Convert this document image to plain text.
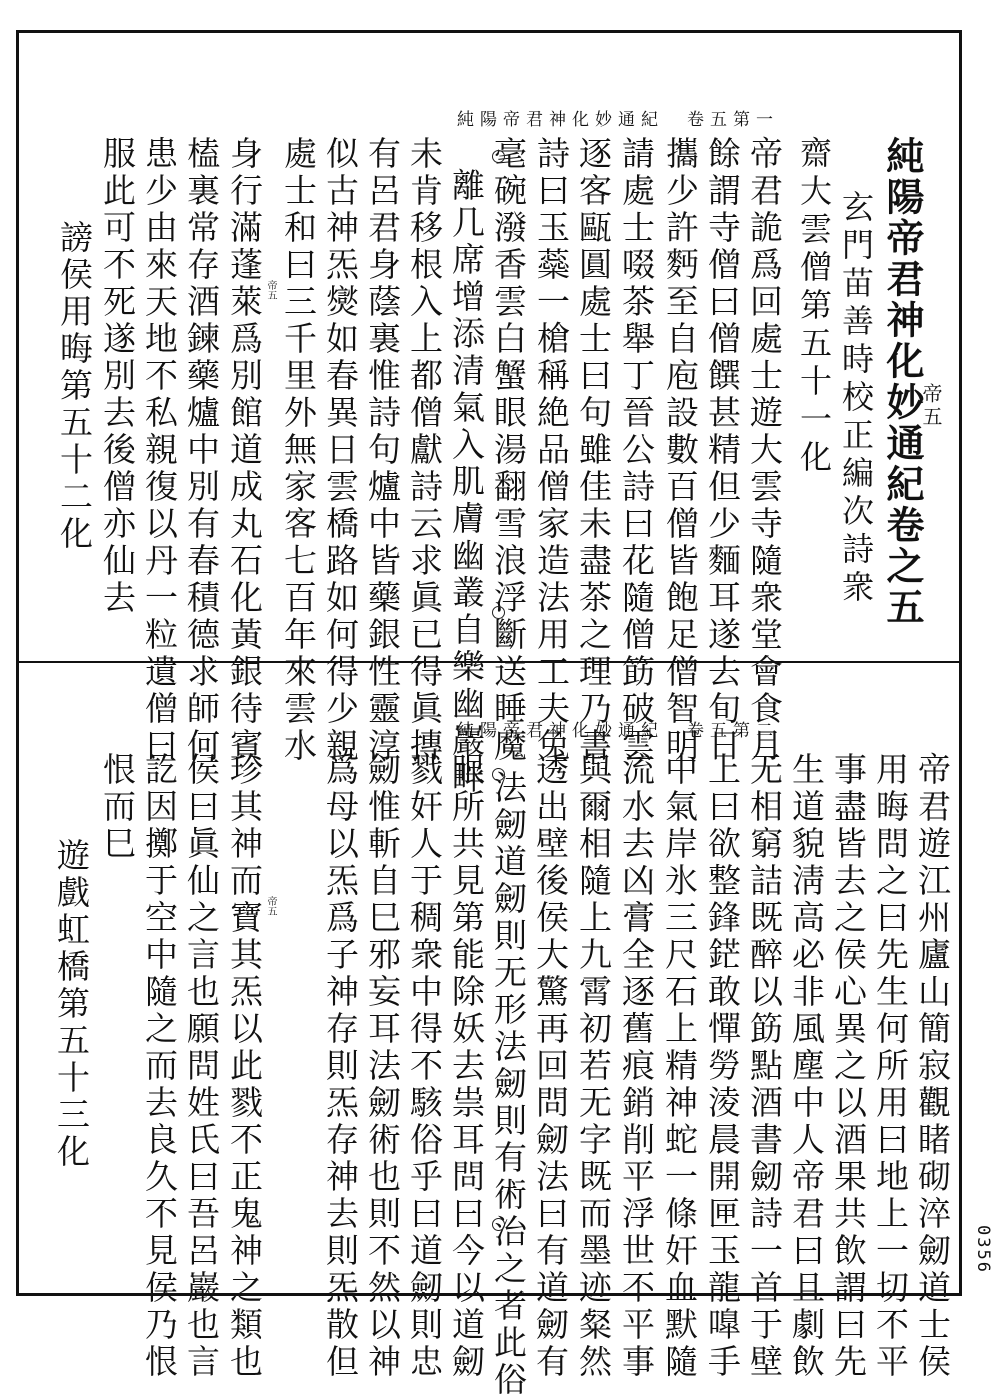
純陽帝君神化妙通紀　卷五第一
帝五
純陽帝君神化妙通紀卷之五
玄門苗善時校正編次詩衆
齋大雲僧第五十一化
帝君詭爲回處士遊大雲寺隨衆堂會食月
餘謂寺僧曰僧饌甚精但少麵耳遂去旬日
攜少許麪至自庖設數百僧皆飽足僧智明
請處士啜茶舉丁晉公詩曰花隨僧筯破雲
逐客甌圓處士曰句雖佳未盡茶之理乃書
詩曰玉蘂一槍稱絶品僧家造法用工夫兔
毫碗潑香雲白蟹眼湯翻雪浪浮斷送睡魔
離几席增添清氣入肌膚幽叢自樂幽巖畔
未肯移根入上都僧獻詩云求眞已得眞摶
有呂君身蔭裏惟詩句爐中皆藥銀性靈淳
似古神炁爕如春異日雲橋路如何得少親
處士和曰三千里外無家客七百年來雲水
身行滿蓬萊爲別館道成丸石化黃銀待賓
榼裏常存酒鍊藥爐中別有春積德求師何
患少由來天地不私親復以丹一粒遺僧曰
服此可不死遂別去後僧亦仙去
謗侯用晦第五十二化	帝五
純陽帝君神化妙通紀　卷五第二
帝君遊江州廬山簡寂觀睹砌淬劒道士侯
用晦問之曰先生何所用曰地上一切不平
事盡皆去之侯心異之以酒果共飲謂曰先
生道貌淸高必非風塵中人帝君曰且劇飲
无相窮詰既醉以筯點酒書劒詩一首于壁
上曰欲整鋒鋩敢憚勞淩晨開匣玉龍嘷手
中氣岸氷三尺石上精神蛇一條奸血默隨
流水去凶膏全逐舊痕銷削平浮世不平事
與爾相隨上九霄初若无字既而墨迹粲然
透出壁後侯大驚再回問劒法曰有道劒有
法劒道劒則无形法劒則有術治之者此俗
眼所共見第能除妖去祟耳問曰今以道劒
戮奸人于稠衆中得不駭俗乎曰道劒則忠
劒惟斬自巳邪妄耳法劒術也則不然以神
爲母以炁爲子神存則炁存神去則炁散但
珍其神而寶其炁以此戮不正鬼神之類也
侯曰眞仙之言也願問姓氏曰吾呂巖也言
訖因擲于空中隨之而去良久不見侯乃恨
恨而巳
遊戲虹橋第五十三化	帝五
0356
